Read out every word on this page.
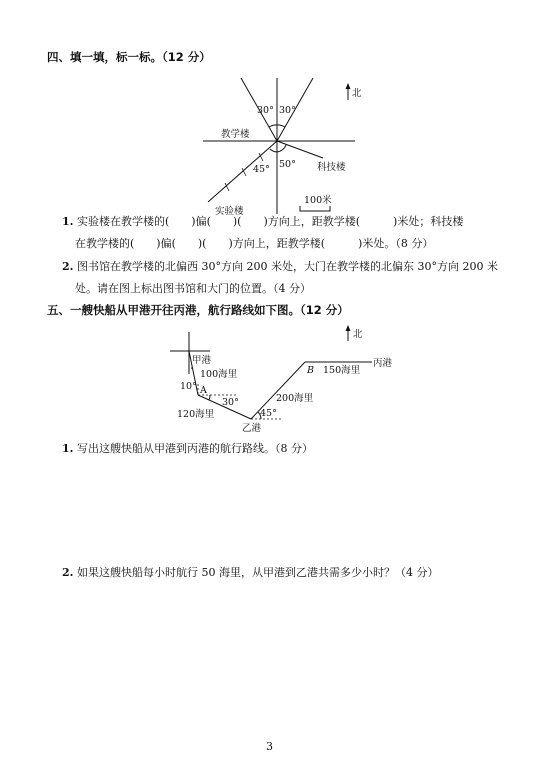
四、填一填，标一标。（12 分）
北
30° 30°
45° 50°
教学楼
科技楼
实验楼
100米
1. 实验楼在教学楼的(　　)偏(　　)(　　)方向上，距教学楼(　　　)米处；科技楼
在教学楼的(　　)偏(　　)(　　)方向上，距教学楼(　　　)米处。（8 分）
2. 图书馆在教学楼的北偏西 30°方向 200 米处，大门在教学楼的北偏东 30°方向 200 米
处。请在图上标出图书馆和大门的位置。（4 分）
五、一艘快船从甲港开往丙港，航行路线如下图。（12 分）
北
甲港
100海里
10° A
30°
120海里
乙港
45°
200海里
B 150海里
丙港
1. 写出这艘快船从甲港到丙港的航行路线。（8 分）
2. 如果这艘快船每小时航行 50 海里，从甲港到乙港共需多少小时？（4 分）
3
